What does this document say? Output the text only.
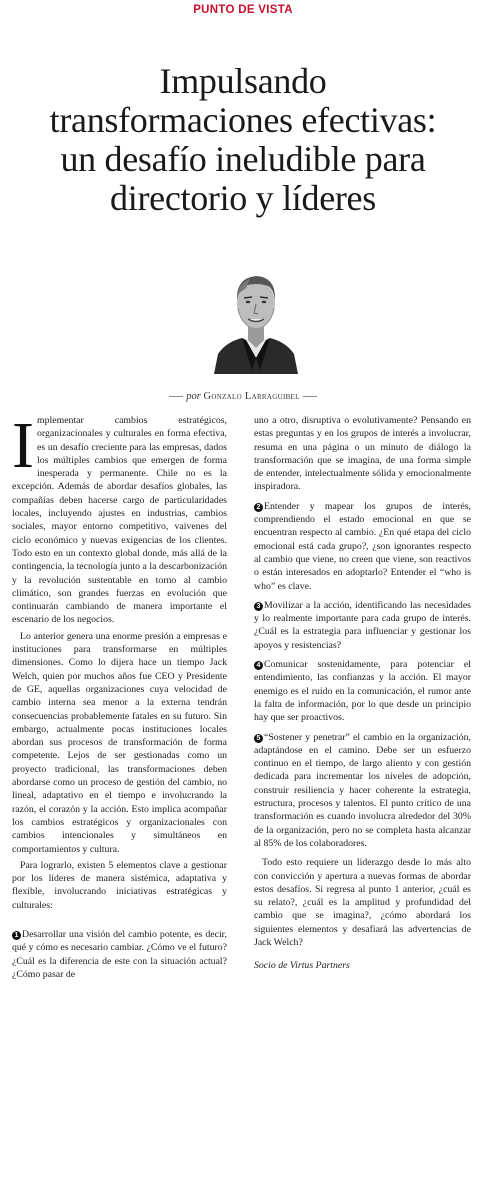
PUNTO DE VISTA
Impulsando
transformaciones efectivas:
un desafío ineludible para
directorio y líderes
por Gonzalo Larraguibel

Implementar cambios estratégicos, organizacionales y culturales en forma efectiva, es un desafío creciente para las empresas, dados los múltiples cambios que emergen de forma inesperada y permanente. Chile no es la excepción. Además de abordar desafíos globales, las compañías deben hacerse cargo de particularidades locales, incluyendo ajustes en industrias, cambios sociales, mayor entorno competitivo, vaivenes del ciclo económico y nuevas exigencias de los clientes. Todo esto en un contexto global donde, más allá de la contingencia, la tecnología junto a la descarbonización y la revolución sustentable en torno al cambio climático, son grandes fuerzas en evolución que continuarán cambiando de manera importante el escenario de los negocios.

Lo anterior genera una enorme presión a empresas e instituciones para transformarse en múltiples dimensiones. Como lo dijera hace un tiempo Jack Welch, quien por muchos años fue CEO y Presidente de GE, aquellas organizaciones cuya velocidad de cambio interna sea menor a la externa tendrán consecuencias probablemente fatales en su futuro. Sin embargo, actualmente pocas instituciones locales abordan sus procesos de transformación de forma competente. Lejos de ser gestionadas como un proyecto tradicional, las transformaciones deben abordarse como un proceso de gestión del cambio, no lineal, adaptativo en el tiempo e involucrando la razón, el corazón y la acción. Esto implica acompañar los cambios estratégicos y organizacionales con cambios intencionales y simultáneos en comportamientos y cultura.

Para lograrlo, existen 5 elementos clave a gestionar por los líderes de manera sistémica, adaptativa y flexible, involucrando iniciativas estratégicas y culturales:

1 Desarrollar una visión del cambio potente, es decir, qué y cómo es necesario cambiar. ¿Cómo ve el futuro? ¿Cuál es la diferencia de este con la situación actual? ¿Cómo pasar de

uno a otro, disruptiva o evolutivamente? Pensando en estas preguntas y en los grupos de interés a involucrar, resuma en una página o un minuto de diálogo la transformación que se imagina, de una forma simple de entender, intelectualmente sólida y emocionalmente inspiradora.

2 Entender y mapear los grupos de interés, comprendiendo el estado emocional en que se encuentran respecto al cambio. ¿En qué etapa del ciclo emocional está cada grupo?, ¿son ignorantes respecto al cambio que viene, no creen que viene, son reactivos o están interesados en adoptarlo? Entender el “who is who” es clave.

3 Movilizar a la acción, identificando las necesidades y lo realmente importante para cada grupo de interés. ¿Cuál es la estrategia para influenciar y gestionar los apoyos y resistencias?

4 Comunicar sostenidamente, para potenciar el entendimiento, las confianzas y la acción. El mayor enemigo es el ruido en la comunicación, el rumor ante la falta de información, por lo que desde un principio hay que ser proactivos.

5 “Sostener y penetrar” el cambio en la organización, adaptándose en el camino. Debe ser un esfuerzo continuo en el tiempo, de largo aliento y con gestión dedicada para incrementar los niveles de adopción, construir resiliencia y hacer coherente la estrategia, estructura, procesos y talentos. El punto crítico de una transformación es cuando involucra alrededor del 30% de la organización, pero no se completa hasta alcanzar al 85% de los colaboradores.

Todo esto requiere un liderazgo desde lo más alto con convicción y apertura a nuevas formas de abordar estos desafíos. Si regresa al punto 1 anterior, ¿cuál es su relato?, ¿cuál es la amplitud y profundidad del cambio que se imagina?, ¿cómo abordará los siguientes elementos y desafiará las advertencias de Jack Welch?

Socio de Virtus Partners
